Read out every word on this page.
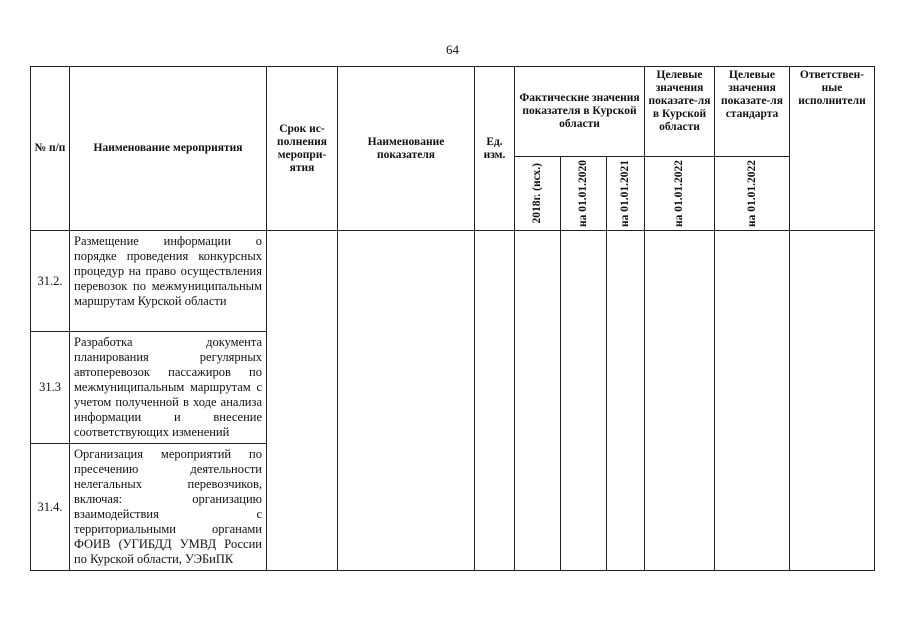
64
№ п/п	Наименование мероприятия	Срок ис-полнения меропри-ятия	Наименование показателя	Ед. изм.	Фактические значения показателя в Курской области			Целевые значения показате-ля в Курской области	Целевые значения показате-ля стандарта	Ответствен-ные исполнители

					2018г. (исх.)	на 01.01.2020	на 01.01.2021	на 01.01.2022	на 01.01.2022	

31.2.	Размещение информации о порядке проведения конкурсных процедур на право осуществления перевозок по межмуниципальным маршрутам Курской области									
31.3	Разработка документа планирования регулярных автоперевозок пассажиров по межмуниципальным маршрутам с учетом полученной в ходе анализа информации и внесение соответствующих изменений									
31.4.	Организация мероприятий по пресечению деятельности нелегальных перевозчиков, включая: организацию взаимодействия с территориальными органами ФОИВ (УГИБДД УМВД России по Курской области, УЭБиПК									
